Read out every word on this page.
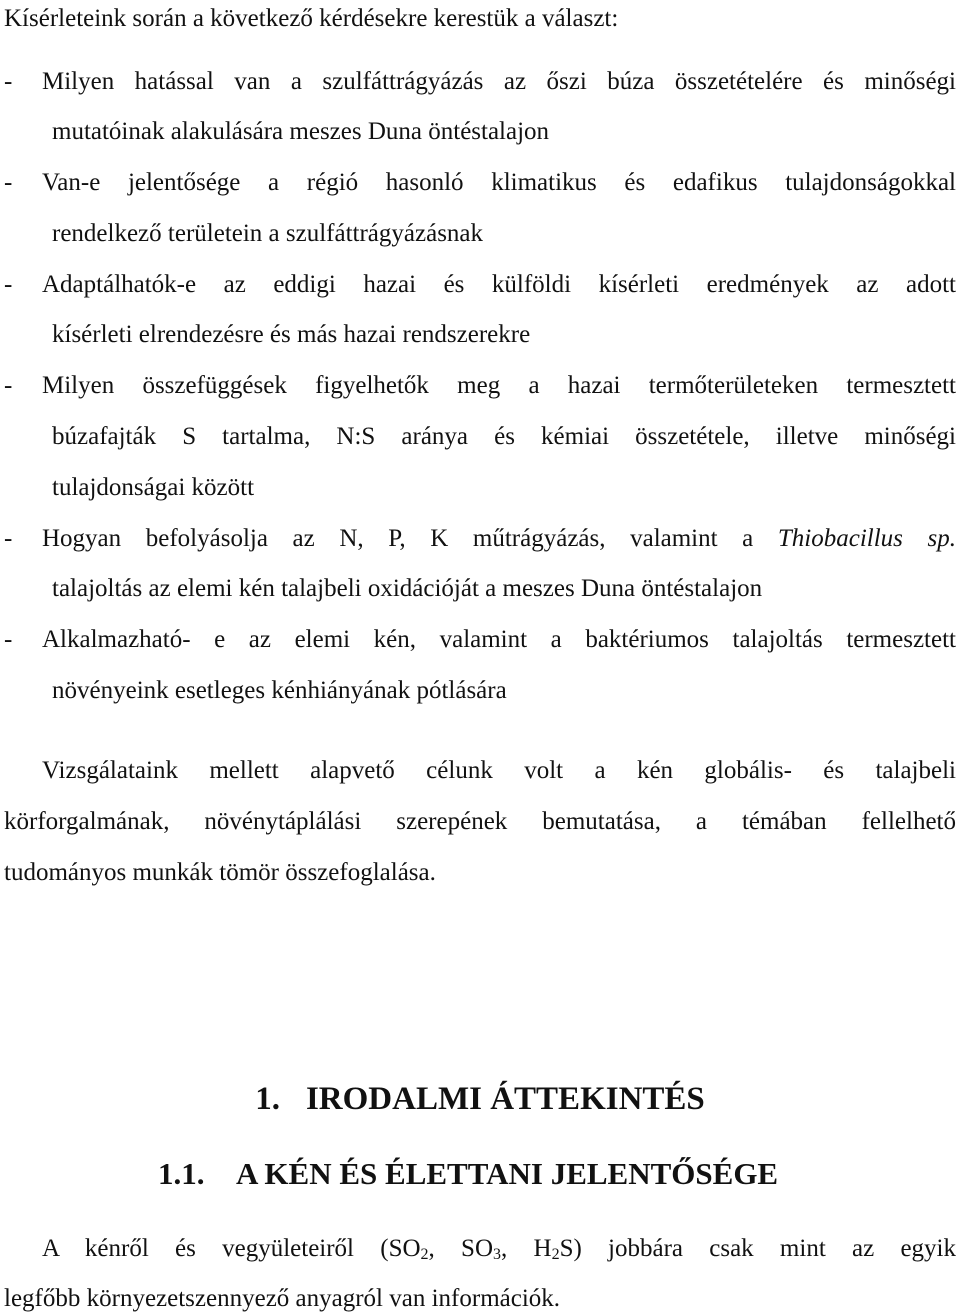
Kísérleteink során a következő kérdésekre kerestük a választ:
- Milyen hatással van a szulfáttrágyázás az őszi búza összetételére és minőségi
mutatóinak alakulására meszes Duna öntéstalajon
- Van-e jelentősége a régió hasonló klimatikus és edafikus tulajdonságokkal
rendelkező területein a szulfáttrágyázásnak
- Adaptálhatók-e az eddigi hazai és külföldi kísérleti eredmények az adott
kísérleti elrendezésre és más hazai rendszerekre
- Milyen összefüggések figyelhetők meg a hazai termőterületeken termesztett
búzafajták S tartalma, N:S aránya és kémiai összetétele, illetve minőségi
tulajdonságai között
- Hogyan befolyásolja az N, P, K műtrágyázás, valamint a Thiobacillus sp.
talajoltás az elemi kén talajbeli oxidációját a meszes Duna öntéstalajon
- Alkalmazható- e az elemi kén, valamint a baktériumos talajoltás termesztett
növényeink esetleges kénhiányának pótlására
Vizsgálataink mellett alapvető célunk volt a kén globális- és talajbeli
körforgalmának, növénytáplálási szerepének bemutatása, a témában fellelhető
tudományos munkák tömör összefoglalása.
1. IRODALMI ÁTTEKINTÉS
1.1. A KÉN ÉS ÉLETTANI JELENTŐSÉGE
A kénről és vegyületeiről ($SO_2$, $SO_3$, $H_2S$) jobbára csak mint az egyik
legfőbb környezetszennyező anyagról van információk.
